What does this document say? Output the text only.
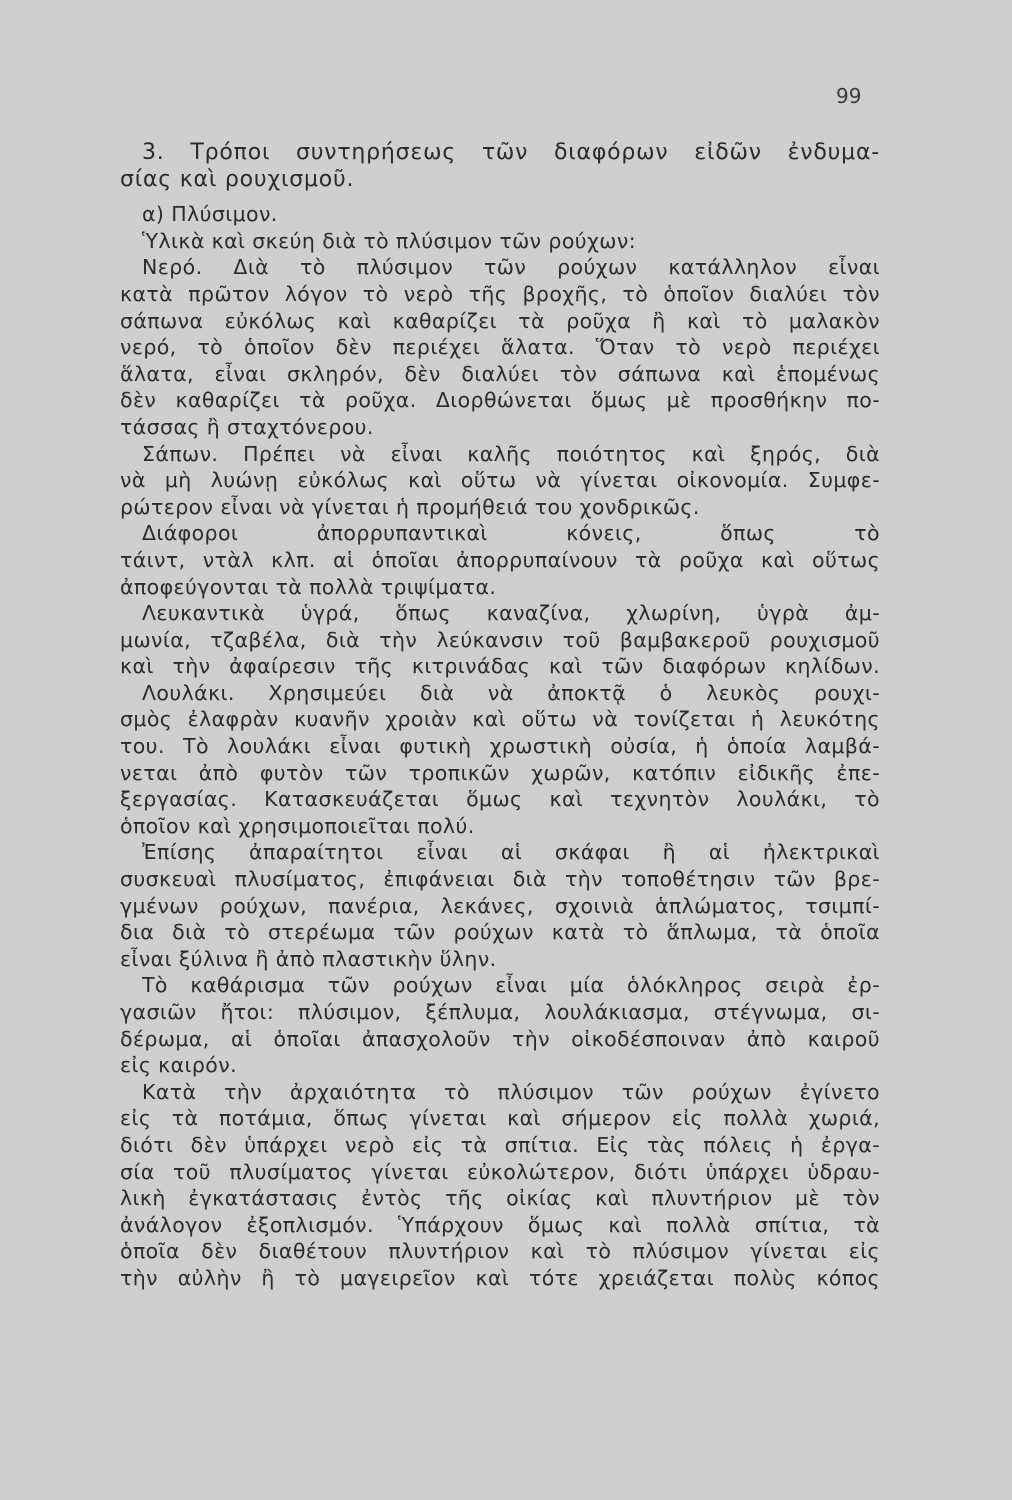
99
3. Τρόποι συντηρήσεως τῶν διαφόρων εἰδῶν ἐνδυμα-
σίας καὶ ρουχισμοῦ.
α) Πλύσιμον.
Ὑλικὰ καὶ σκεύη διὰ τὸ πλύσιμον τῶν ρούχων:
Νερό. Διὰ τὸ πλύσιμον τῶν ρούχων κατάλληλον εἶναι
κατὰ πρῶτον λόγον τὸ νερὸ τῆς βροχῆς, τὸ ὁποῖον διαλύει τὸν
σάπωνα εὐκόλως καὶ καθαρίζει τὰ ροῦχα ἢ καὶ τὸ μαλακὸν
νερό, τὸ ὁποῖον δὲν περιέχει ἅλατα. Ὅταν τὸ νερὸ περιέχει
ἅλατα, εἶναι σκληρόν, δὲν διαλύει τὸν σάπωνα καὶ ἑπομένως
δὲν καθαρίζει τὰ ροῦχα. Διορθώνεται ὅμως μὲ προσθήκην πο-
τάσσας ἢ σταχτόνερου.
Σάπων. Πρέπει νὰ εἶναι καλῆς ποιότητος καὶ ξηρός, διὰ
νὰ μὴ λυώνῃ εὐκόλως καὶ οὕτω νὰ γίνεται οἰκονομία. Συμφε-
ρώτερον εἶναι νὰ γίνεται ἡ προμήθειά του χονδρικῶς.
Διάφοροι ἀπορρυπαντικαὶ κόνεις, ὅπως τὸ
τάιντ, ντὰλ κλπ. αἱ ὁποῖαι ἀπορρυπαίνουν τὰ ροῦχα καὶ οὕτως
ἀποφεύγονται τὰ πολλὰ τριψίματα.
Λευκαντικὰ ὑγρά, ὅπως καναζίνα, χλωρίνη, ὑγρὰ ἀμ-
μωνία, τζαβέλα, διὰ τὴν λεύκανσιν τοῦ βαμβακεροῦ ρουχισμοῦ
καὶ τὴν ἀφαίρεσιν τῆς κιτρινάδας καὶ τῶν διαφόρων κηλίδων.
Λουλάκι. Χρησιμεύει διὰ νὰ ἀποκτᾷ ὁ λευκὸς ρουχι-
σμὸς ἐλαφρὰν κυανῆν χροιὰν καὶ οὕτω νὰ τονίζεται ἡ λευκότης
του. Τὸ λουλάκι εἶναι φυτικὴ χρωστικὴ οὐσία, ἡ ὁποία λαμβά-
νεται ἀπὸ φυτὸν τῶν τροπικῶν χωρῶν, κατόπιν εἰδικῆς ἐπε-
ξεργασίας. Κατασκευάζεται ὅμως καὶ τεχνητὸν λουλάκι, τὸ
ὁποῖον καὶ χρησιμοποιεῖται πολύ.
Ἐπίσης ἀπαραίτητοι εἶναι αἱ σκάφαι ἢ αἱ ἠλεκτρικαὶ
συσκευαὶ πλυσίματος, ἐπιφάνειαι διὰ τὴν τοποθέτησιν τῶν βρε-
γμένων ρούχων, πανέρια, λεκάνες, σχοινιὰ ἁπλώματος, τσιμπί-
δια διὰ τὸ στερέωμα τῶν ρούχων κατὰ τὸ ἅπλωμα, τὰ ὁποῖα
εἶναι ξύλινα ἢ ἀπὸ πλαστικὴν ὕλην.
Τὸ καθάρισμα τῶν ρούχων εἶναι μία ὁλόκληρος σειρὰ ἐρ-
γασιῶν ἤτοι: πλύσιμον, ξέπλυμα, λουλάκιασμα, στέγνωμα, σι-
δέρωμα, αἱ ὁποῖαι ἀπασχολοῦν τὴν οἰκοδέσποιναν ἀπὸ καιροῦ
εἰς καιρόν.
Κατὰ τὴν ἀρχαιότητα τὸ πλύσιμον τῶν ρούχων ἐγίνετο
εἰς τὰ ποτάμια, ὅπως γίνεται καὶ σήμερον εἰς πολλὰ χωριά,
διότι δὲν ὑπάρχει νερὸ εἰς τὰ σπίτια. Εἰς τὰς πόλεις ἡ ἐργα-
σία τοῦ πλυσίματος γίνεται εὐκολώτερον, διότι ὑπάρχει ὑδραυ-
λικὴ ἐγκατάστασις ἐντὸς τῆς οἰκίας καὶ πλυντήριον μὲ τὸν
ἀνάλογον ἐξοπλισμόν. Ὑπάρχουν ὅμως καὶ πολλὰ σπίτια, τὰ
ὁποῖα δὲν διαθέτουν πλυντήριον καὶ τὸ πλύσιμον γίνεται εἰς
τὴν αὐλὴν ἢ τὸ μαγειρεῖον καὶ τότε χρειάζεται πολὺς κόπος
